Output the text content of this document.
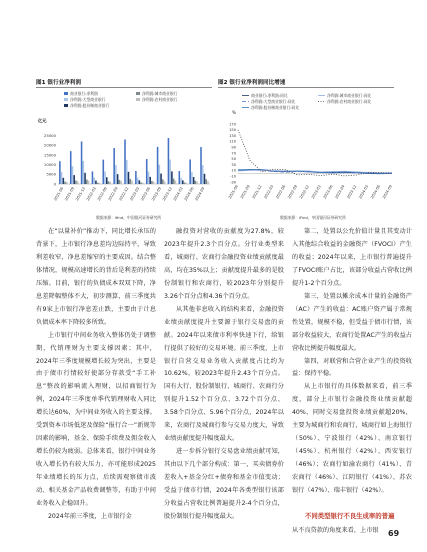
图1 银行业净利润
商业银行:净利润
净利润:大型商业银行
净利润:股份制商业银行
净利润:城市商业银行
净利润:农村商业银行
亿元
0
5000
10000
15000
20000
25000
2021-06 2021-09 2021-12 2022-03 2022-06 2022-09 2022-12 2023-03 2023-06 2023-09 2023-12 2024-03 2024-06 2024-09
数据来源：ifind，中国银河证券研究所
图2 银行业净利润同比增速
商业银行:净利润:同比
净利润:大型商业银行:同比
净利润:股份制商业银行:同比
净利润:城市商业银行:同比
净利润:农村商业银行:同比
%
-30
-10
10
30
50
70
90
110
130
150
170
2021-06 2021-09 2021-12 2022-03 2022-06 2022-09 2022-12 2023-03 2023-06 2023-09 2023-12 2024-03 2024-06 2024-09
数据来源：iFind，中国银河证券研究所

在“以量补价”推动下，同比增长承压的背景下，上市银行净息差均边际持平，导致利差收窄，净息差缩窄的主要成因。结合整体情况，规模高速增长的背后是利差的持续压缩。目前，银行的负债成本双双下降，净息差降幅整体不大，初步测算，前三季度共有9家上市银行净息差止跌，主要由于计息负债成本率下降较多所致。

上市银行中间业务收入整体仍处于调整期，代销理财为主要支撑因素；其中，2024年三季度规模增长较为突出，主要是由于债市行情较好使部分存款受“手工补息”整改的影响流入理财，以招商银行为例，2024年三季度单季代销理财收入同比增长达60%，为中间业务收入的主要支撑。受到资本市场低迷及保险“报行合一”新规等因素的影响，基金、保险手续费及佣金收入增长仍较为疲弱。总体来看，银行中间业务收入增长仍有较大压力，亦可能形成2025年业绩增长的压力点，后续需观察债市波动、相关基金产品收费调整等，有助于中间业务收入企稳回升。

2024年前三季度，上市银行金

融投资对营收的贡献度为27.8%，较2023年提升2.3个百分点。分行业类型来看，城商行、农商行金融投资业绩贡献度最高，均在35%以上；贡献度提升最多的是股份制银行和农商行，较2023年分别提升3.26个百分点和4.36个百分点。

从其他非息收入的结构来看，金融投资业绩贡献度提升主要源于银行交易盘的贡献。2024年以来债市利率快速下行，给银行提供了较好的交易环境。前三季度，上市银行自营交易业务收入贡献度占比约为10.62%，较2023年提升2.43个百分点。国有大行、股份制银行、城商行、农商行分别提升1.52个百分点、3.72个百分点、3.58个百分点、5.96个百分点，2024年以来，农商行及城商行参与交易力度大，导致业绩贡献度提升幅度最大。

进一步拆分银行交易盘业绩贡献可知，其由以下几个部分构成：第一，买卖债券价差收入+基金分红+债券和基金市值变动；受益于债市行情，2024年各类型银行该部分收益占营收比例普遍提升2-4个百分点，股份制银行提升幅度最大。

第二，处置以公允价值计量且其变动计入其他综合收益的金融资产（FVOCI）产生的收益；2024年以来，上市银行普遍提升了FVOCI账户占比，该部分收益占营收比例提升1-2个百分点。

第三，处置以摊余成本计量的金融资产（AC）产生的收益：AC账户资产属于常规性处置，规模不稳，但受益于债市行情，该部分收益较大，农商行处置AC产生的收益占营收比例提升幅度最大。

第四，对联营和合营企业产生的投资收益：保持平稳。

从上市银行的具体数据来看，前三季度，部分上市银行金融投资业绩贡献超40%，同时交易盘投资业绩贡献超20%，主要为城商行和农商行，城商行如上海银行（50%）、宁波银行（42%）、南京银行（45%）、杭州银行（42%）、西安银行（46%）；农商行如渝农商行（41%）、青农商行（46%）、江阴银行（41%）、苏农银行（47%）、瑞丰银行（42%）。

不同类型银行不良生成率的普遍
从不良贷款的角度来看，上市银	69
